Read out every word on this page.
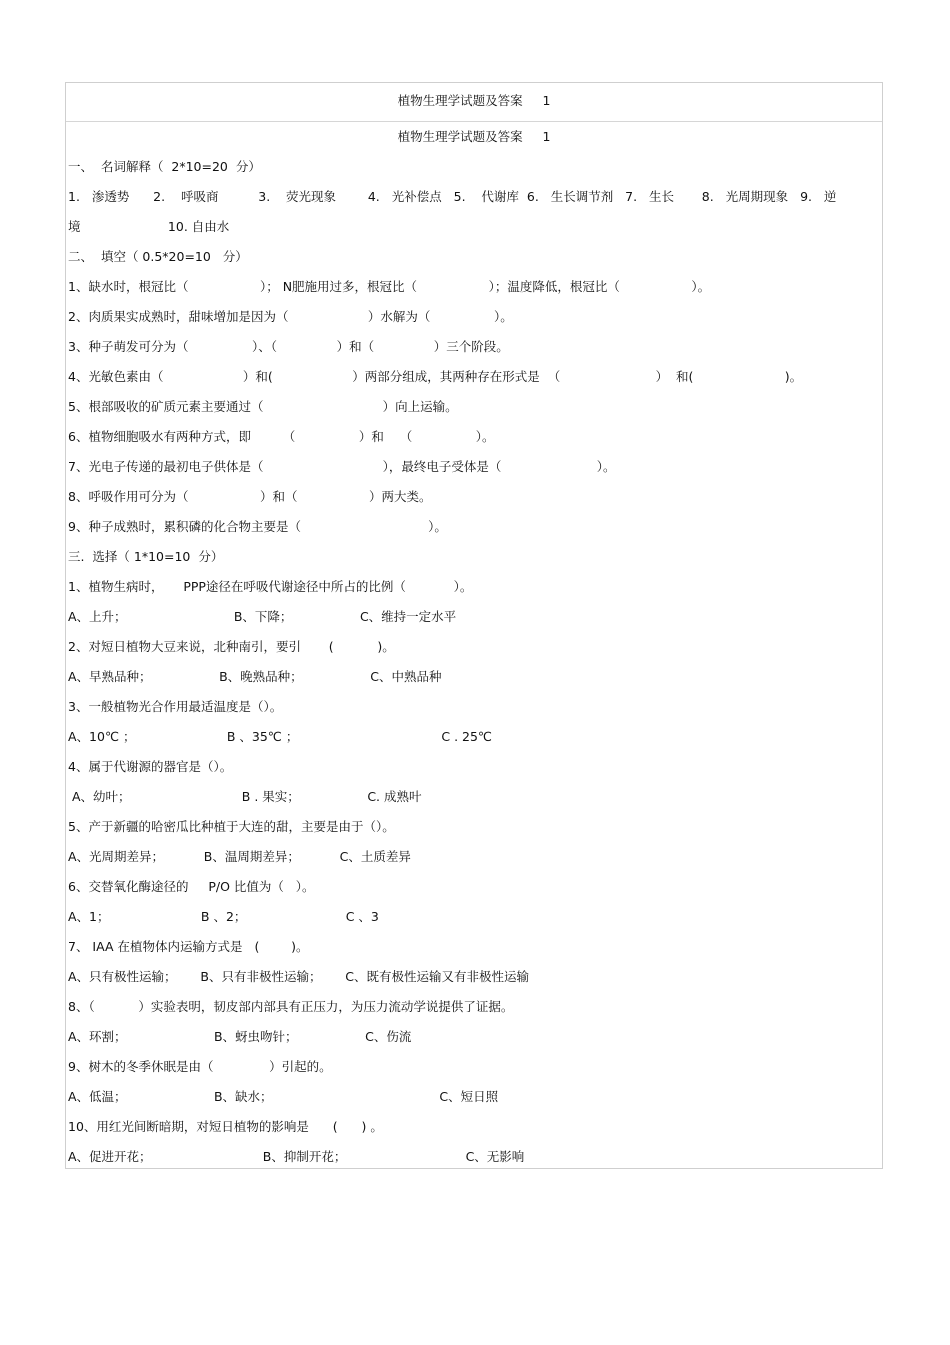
植物生理学试题及答案     1
植物生理学试题及答案     1
一、  名词解释（  2*10=20  分）
1.   渗透势      2.    呼吸商          3.    荧光现象        4.   光补偿点   5.    代谢库  6.   生长调节剂   7.   生长       8.   光周期现象   9.   逆
境                      10. 自由水
二、  填空（ 0.5*20=10   分）
1、缺水时，根冠比（                  ）； N肥施用过多，根冠比（                  ）；温度降低，根冠比（                  ）。
2、肉质果实成熟时，甜味增加是因为（                    ）水解为（                ）。
3、种子萌发可分为（                ）、（               ）和（               ）三个阶段。
4、光敏色素由（                    ）和(                    ）两部分组成，其两种存在形式是  （                        ）  和(                       )。
5、根部吸收的矿质元素主要通过（                              ）向上运输。
6、植物细胞吸水有两种方式，即        （                ）和    （                ）。
7、光电子传递的最初电子供体是（                              ），最终电子受体是（                        ）。
8、呼吸作用可分为（                  ）和（                  ）两大类。
9、种子成熟时，累积磷的化合物主要是（                                ）。
三.  选择（ 1*10=10  分）
1、植物生病时，     PPP途径在呼吸代谢途径中所占的比例（            ）。
A、上升；                           B、下降；                 C、维持一定水平
2、对短日植物大豆来说，北种南引，要引       (           )。
A、早熟品种；                 B、晚熟品种；                 C、中熟品种
3、一般植物光合作用最适温度是（）。
A、10℃ ；                       B 、35℃ ；                                    C . 25℃
4、属于代谢源的器官是（）。
A、幼叶；                            B . 果实；                 C. 成熟叶
5、产于新疆的哈密瓜比种植于大连的甜，主要是由于（）。
A、光周期差异；          B、温周期差异；          C、土质差异
6、交替氧化酶途径的     P/O 比值为（   ）。
A、1；                       B 、2；                         C 、3
7、 IAA 在植物体内运输方式是   (        )。
A、只有极性运输；      B、只有非极性运输；      C、既有极性运输又有非极性运输
8、（           ）实验表明，韧皮部内部具有正压力，为压力流动学说提供了证据。
A、环割；                      B、蚜虫吻针；                 C、伤流
9、树木的冬季休眠是由（              ）引起的。
A、低温；                      B、缺水；                                          C、短日照
10、用红光间断暗期，对短日植物的影响是      (      ) 。
A、促进开花；                            B、抑制开花；                              C、无影响
